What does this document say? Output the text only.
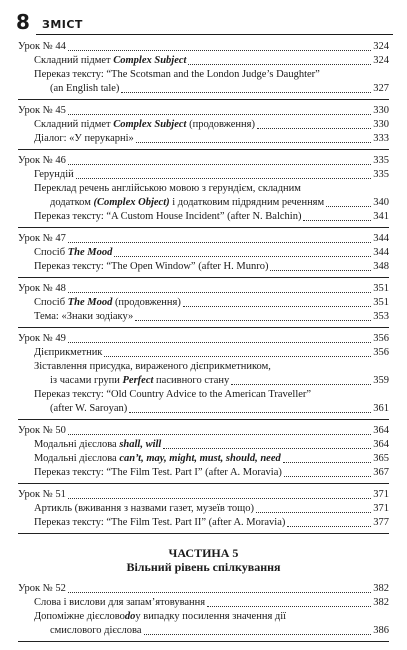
8 ЗМІСТ
Урок № 44	324
Складний підмет Complex Subject	324
Переказ тексту: “The Scotsman and the London Judge’s Daughter”
(an English tale)	327
Урок № 45	330
Складний підмет Complex Subject (продовження)	330
Діалог: «У перукарні»	333
Урок № 46	335
Герундій	335
Переклад речень англійською мовою з герундієм, складним
додатком (Complex Object) і додатковим підрядним реченням	340
Переказ тексту: “A Custom House Incident” (after N. Balchin)	341
Урок № 47	344
Спосіб The Mood	344
Переказ тексту: “The Open Window” (after H. Munro)	348
Урок № 48	351
Спосіб The Mood (продовження)	351
Тема: «Знаки зодіаку»	353
Урок № 49	356
Дієприкметник	356
Зіставлення присудка, вираженого дієприкметником,
із часами групи Perfect пасивного стану	359
Переказ тексту: “Old Country Advice to the American Traveller”
(after W. Saroyan)	361
Урок № 50	364
Модальні дієслова shall, will	364
Модальні дієслова can’t, may, might, must, should, need	365
Переказ тексту: “The Film Test. Part I” (after A. Moravia)	367
Урок № 51	371
Артикль (вживання з назвами газет, музеїв тощо)	371
Переказ тексту: “The Film Test. Part II” (after A. Moravia)	377
ЧАСТИНА 5
Вільний рівень спілкування
Урок № 52	382
Слова і вислови для запам’ятовування	382
Допоміжне дієслово do у випадку посилення значення дії
смислового дієслова	386
